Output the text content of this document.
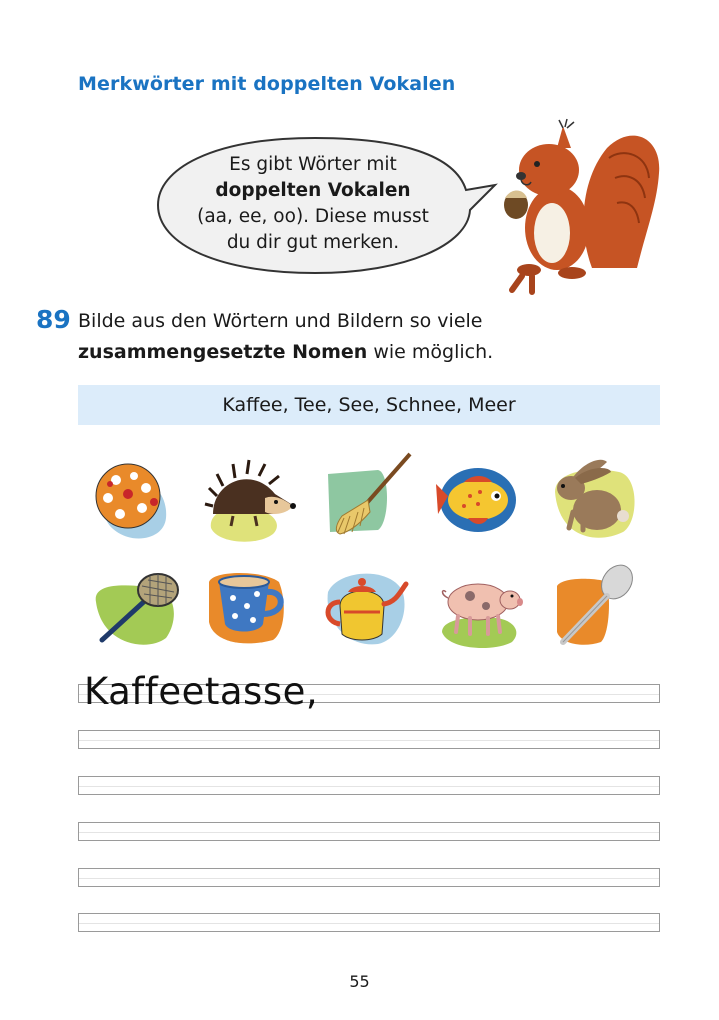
Merkwörter mit doppelten Vokalen
Es gibt Wörter mit
doppelten Vokalen
(aa, ee, oo). Diese musst
du dir gut merken.
89 Bilde aus den Wörtern und Bildern so viele
zusammengesetzte Nomen wie möglich.
Kaffee, Tee, See, Schnee, Meer
Kaffeetasse,
55
